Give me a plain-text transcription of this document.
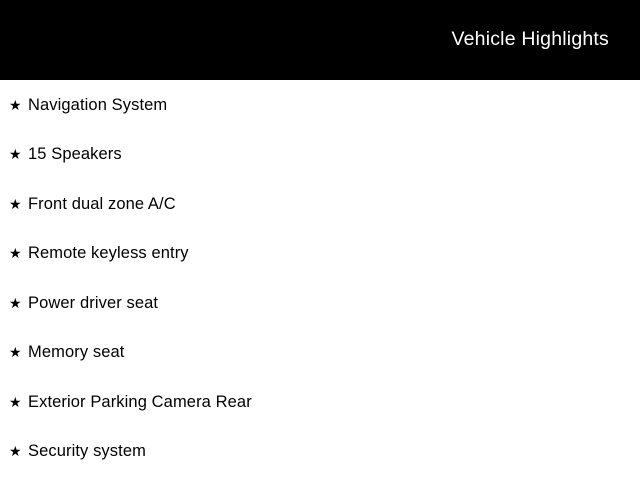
Vehicle Highlights
★ Navigation System
★ 15 Speakers
★ Front dual zone A/C
★ Remote keyless entry
★ Power driver seat
★ Memory seat
★ Exterior Parking Camera Rear
★ Security system
